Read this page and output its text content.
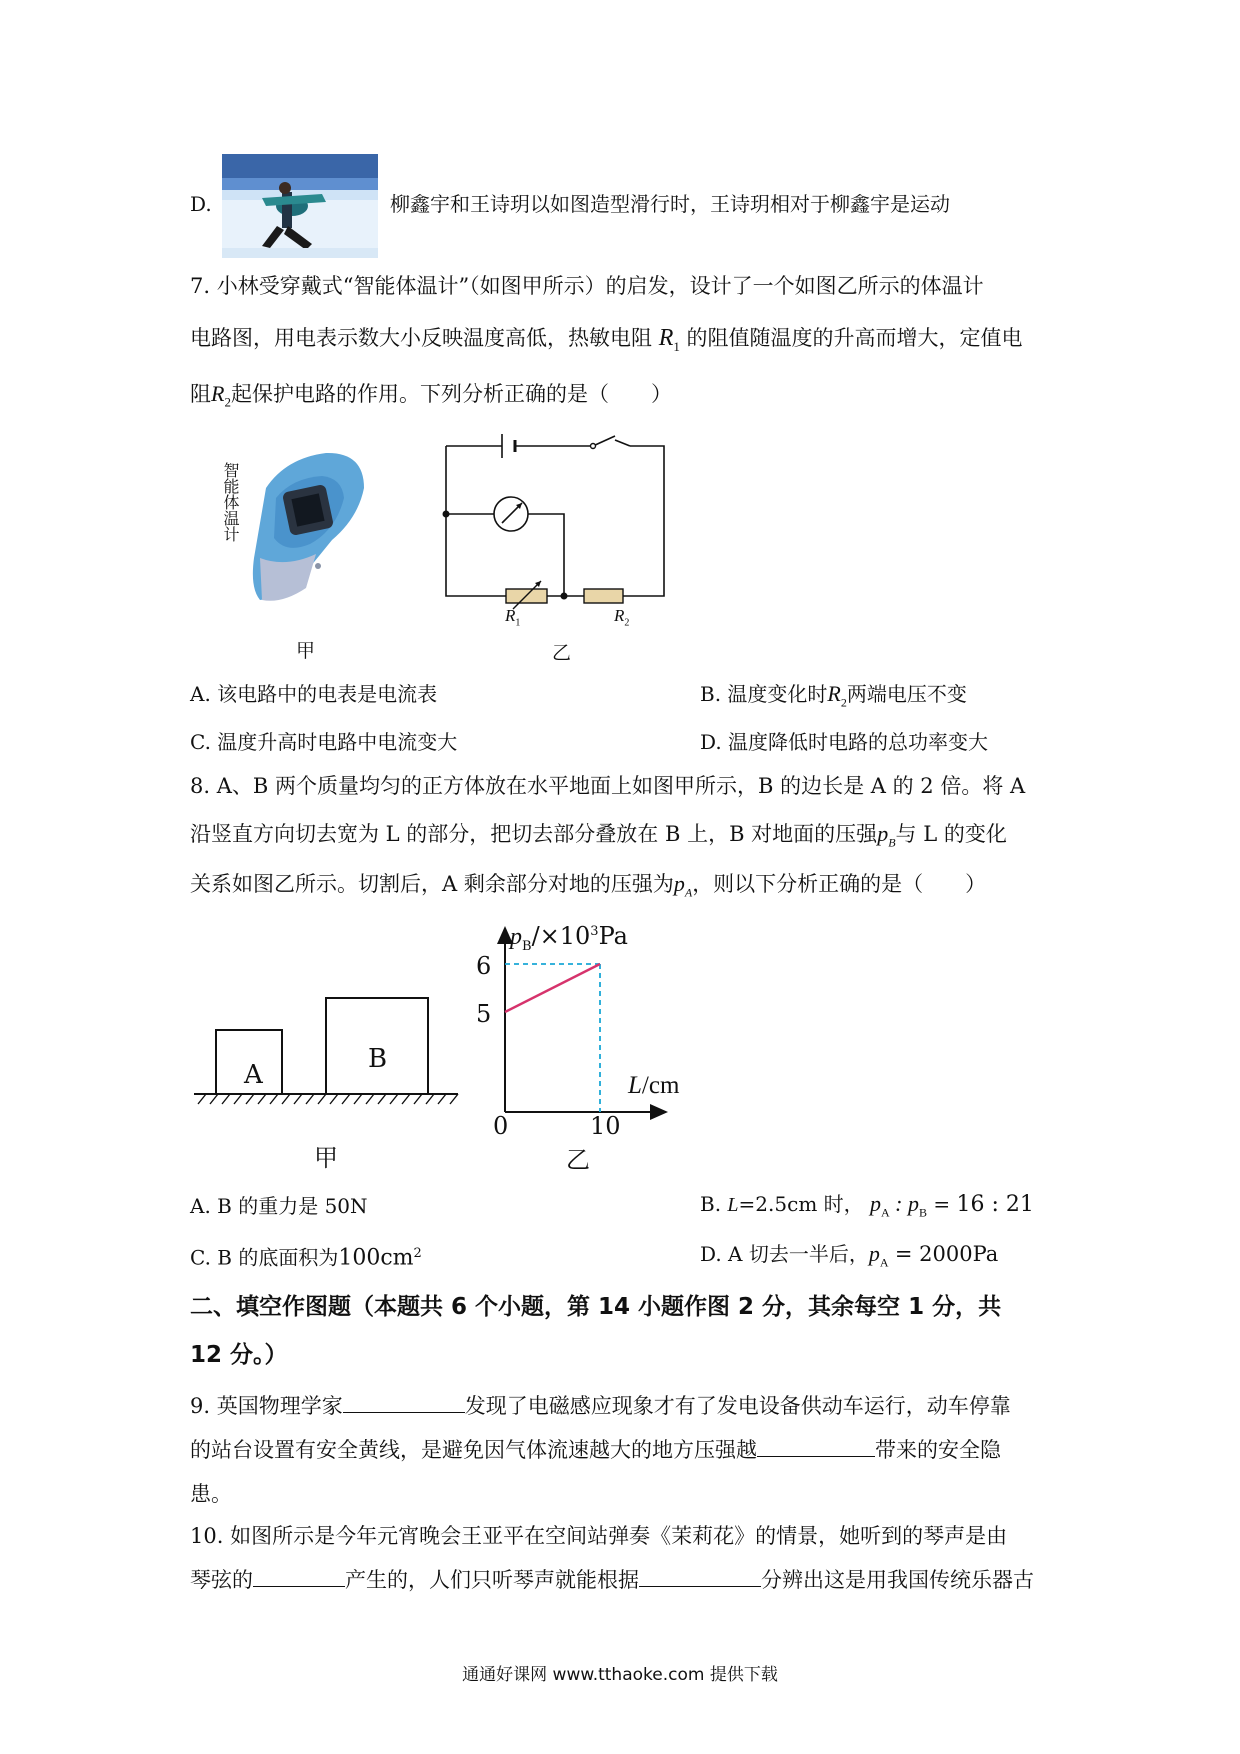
D.	柳鑫宇和王诗玥以如图造型滑行时，王诗玥相对于柳鑫宇是运动
7. 小林受穿戴式“智能体温计”（如图甲所示）的启发，设计了一个如图乙所示的体温计
电路图，用电表示数大小反映温度高低，热敏电阻 $R_1$ 的阻值随温度的升高而增大，定值电
阻$R_2$起保护电路的作用。下列分析正确的是（　　）
智能体温计
甲
$R_1$	$R_2$
乙
A. 该电路中的电表是电流表	B. 温度变化时$R_2$两端电压不变
C. 温度升高时电路中电流变大	D. 温度降低时电路的总功率变大
8. A、B 两个质量均匀的正方体放在水平地面上如图甲所示，B 的边长是 A 的 2 倍。将 A
沿竖直方向切去宽为 L 的部分，把切去部分叠放在 B 上，B 对地面的压强$p_B$与 L 的变化
关系如图乙所示。切割后，A 剩余部分对地的压强为$p_A$，则以下分析正确的是（　　）
A
B
甲
$p_B/\times 10^3Pa$
L/cm
0	10
5
6
乙
A. B 的重力是 50N	B. L=2.5cm 时， $p_A$ : $p_B = 16$ : 21
C. B 的底面积为$100cm^2$	D. A 切去一半后，$p_A = 2000Pa$
二、填空作图题（本题共 6 个小题，第 14 小题作图 2 分，其余每空 1 分，共
12 分。）
9. 英国物理学家	发现了电磁感应现象才有了发电设备供动车运行，动车停靠
的站台设置有安全黄线，是避免因气体流速越大的地方压强越	带来的安全隐
患。
10. 如图所示是今年元宵晚会王亚平在空间站弹奏《茉莉花》的情景，她听到的琴声是由
琴弦的	产生的，人们只听琴声就能根据	分辨出这是用我国传统乐器古
通通好课网 www.tthaoke.com 提供下载
